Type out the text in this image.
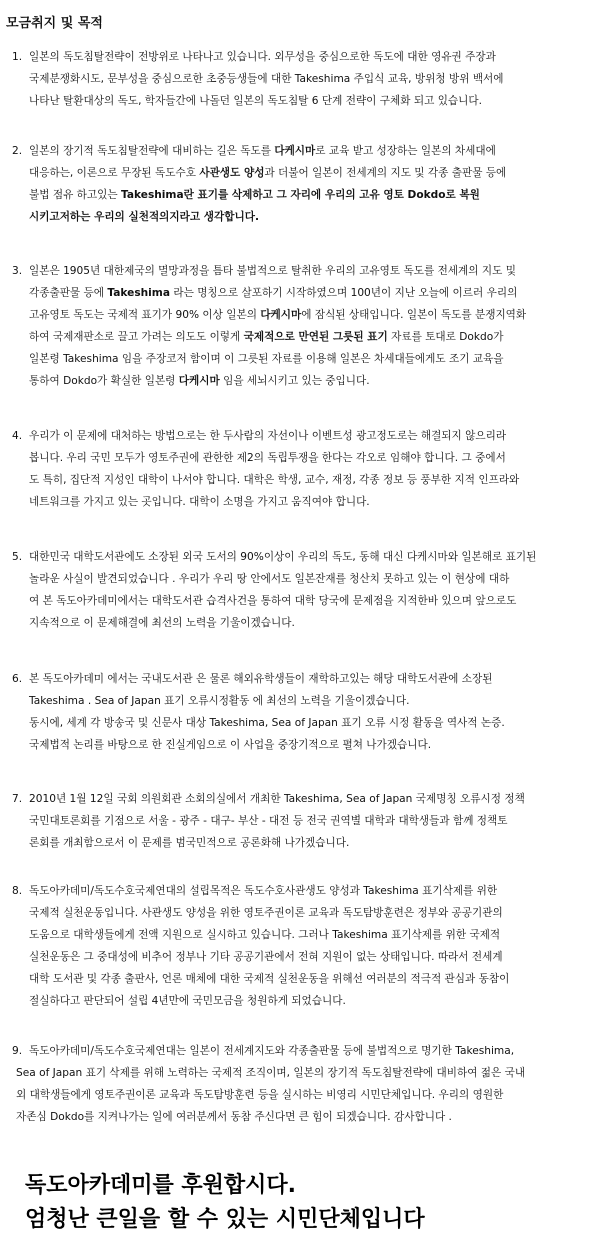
모금취지 및 목적
1. 일본의 독도침탈전략이 전방위로 나타나고 있습니다. 외무성을 중심으로한 독도에 대한 영유권 주장과
국제분쟁화시도, 문부성을 중심으로한 초중등생들에 대한 Takeshima 주입식 교육, 방위청 방위 백서에
나타난 탈환대상의 독도, 학자들간에 나돌던 일본의 독도침탈 6 단계 전략이 구체화 되고 있습니다.
2. 일본의 장기적 독도침탈전략에 대비하는 길은 독도를 다케시마로 교육 받고 성장하는 일본의 차세대에
대응하는, 이론으로 무장된 독도수호 사관생도 양성과 더불어 일본이 전세계의 지도 및 각종 출판물 등에
불법 점유 하고있는 Takeshima란 표기를 삭제하고 그 자리에 우리의 고유 영토 Dokdo로 복원
시키고저하는 우리의 실천적의지라고 생각합니다.
3. 일본은 1905년 대한제국의 멸망과정을 틈타 불법적으로 탈취한 우리의 고유영토 독도를 전세계의 지도 및
각종출판물 등에 Takeshima 라는 명칭으로 살포하기 시작하였으며 100년이 지난 오늘에 이르러 우리의
고유영토 독도는 국제적 표기가 90% 이상 일본의 다케시마에 잠식된 상태입니다. 일본이 독도를 분쟁지역화
하여 국제재판소로 끌고 가려는 의도도 이렇게 국제적으로 만연된 그릇된 표기 자료를 토대로 Dokdo가
일본령 Takeshima 임을 주장코저 함이며 이 그릇된 자료를 이용해 일본은 차세대들에게도 조기 교육을
통하여 Dokdo가 확실한 일본령 다케시마 임을 세뇌시키고 있는 중입니다.
4. 우리가 이 문제에 대처하는 방법으로는 한 두사람의 자선이나 이벤트성 광고정도로는 해결되지 않으리라
봅니다. 우리 국민 모두가 영토주권에 관한한 제2의 독립투쟁을 한다는 각오로 임해야 합니다. 그 중에서
도 특히, 집단적 지성인 대학이 나서야 합니다. 대학은 학생, 교수, 재정, 각종 정보 등 풍부한 지적 인프라와
네트워크를 가지고 있는 곳입니다. 대학이 소명을 가지고 움직여야 합니다.
5. 대한민국 대학도서관에도 소장된 외국 도서의 90%이상이 우리의 독도, 동해 대신 다케시마와 일본해로 표기된
놀라운 사실이 발견되었습니다 . 우리가 우리 땅 안에서도 일본잔재를 청산치 못하고 있는 이 현상에 대하
여 본 독도아카데미에서는 대학도서관 습격사건을 통하여 대학 당국에 문제점을 지적한바 있으며 앞으로도
지속적으로 이 문제해결에 최선의 노력을 기울이겠습니다.
6. 본 독도아카데미 에서는 국내도서관 은 물론 해외유학생들이 재학하고있는 해당 대학도서관에 소장된
Takeshima . Sea of Japan 표기 오류시정활동 에 최선의 노력을 기울이겠습니다.
동시에, 세계 각 방송국 및 신문사 대상 Takeshima, Sea of Japan 표기 오류 시정 활동을 역사적 논증.
국제법적 논리를 바탕으로 한 진실게임으로 이 사업을 중장기적으로 펼쳐 나가겠습니다.
7. 2010년 1월 12일 국회 의원회관 소회의실에서 개최한 Takeshima, Sea of Japan 국제명칭 오류시정 정책
국민대토론회를 기점으로 서울 - 광주 - 대구- 부산 - 대전 등 전국 권역별 대학과 대학생들과 함께 정책토
론회를 개최함으로서 이 문제를 범국민적으로 공론화해 나가겠습니다.
8. 독도아카데미/독도수호국제연대의 설립목적은 독도수호사관생도 양성과 Takeshima 표기삭제를 위한
국제적 실천운동입니다. 사관생도 양성을 위한 영토주권이론 교육과 독도탐방훈련은 정부와 공공기관의
도움으로 대학생들에게 전액 지원으로 실시하고 있습니다. 그러나 Takeshima 표기삭제를 위한 국제적
실천운동은 그 중대성에 비추어 정부나 기타 공공기관에서 전혀 지원이 없는 상태입니다. 따라서 전세계
대학 도서관 및 각종 출판사, 언론 매체에 대한 국제적 실천운동을 위해선 여러분의 적극적 관심과 동참이
절실하다고 판단되어 설립 4년만에 국민모금을 청원하게 되었습니다.
9. 독도아카데미/독도수호국제연대는 일본이 전세계지도와 각종출판물 등에 불법적으로 명기한 Takeshima,
Sea of Japan 표기 삭제를 위해 노력하는 국제적 조직이며, 일본의 장기적 독도침탈전략에 대비하여 젊은 국내
외 대학생들에게 영토주권이론 교육과 독도탐방훈련 등을 실시하는 비영리 시민단체입니다. 우리의 영원한
자존심 Dokdo를 지켜나가는 일에 여러분께서 동참 주신다면 큰 힘이 되겠습니다. 감사합니다 .
독도아카데미를 후원합시다.
엄청난 큰일을 할 수 있는 시민단체입니다
